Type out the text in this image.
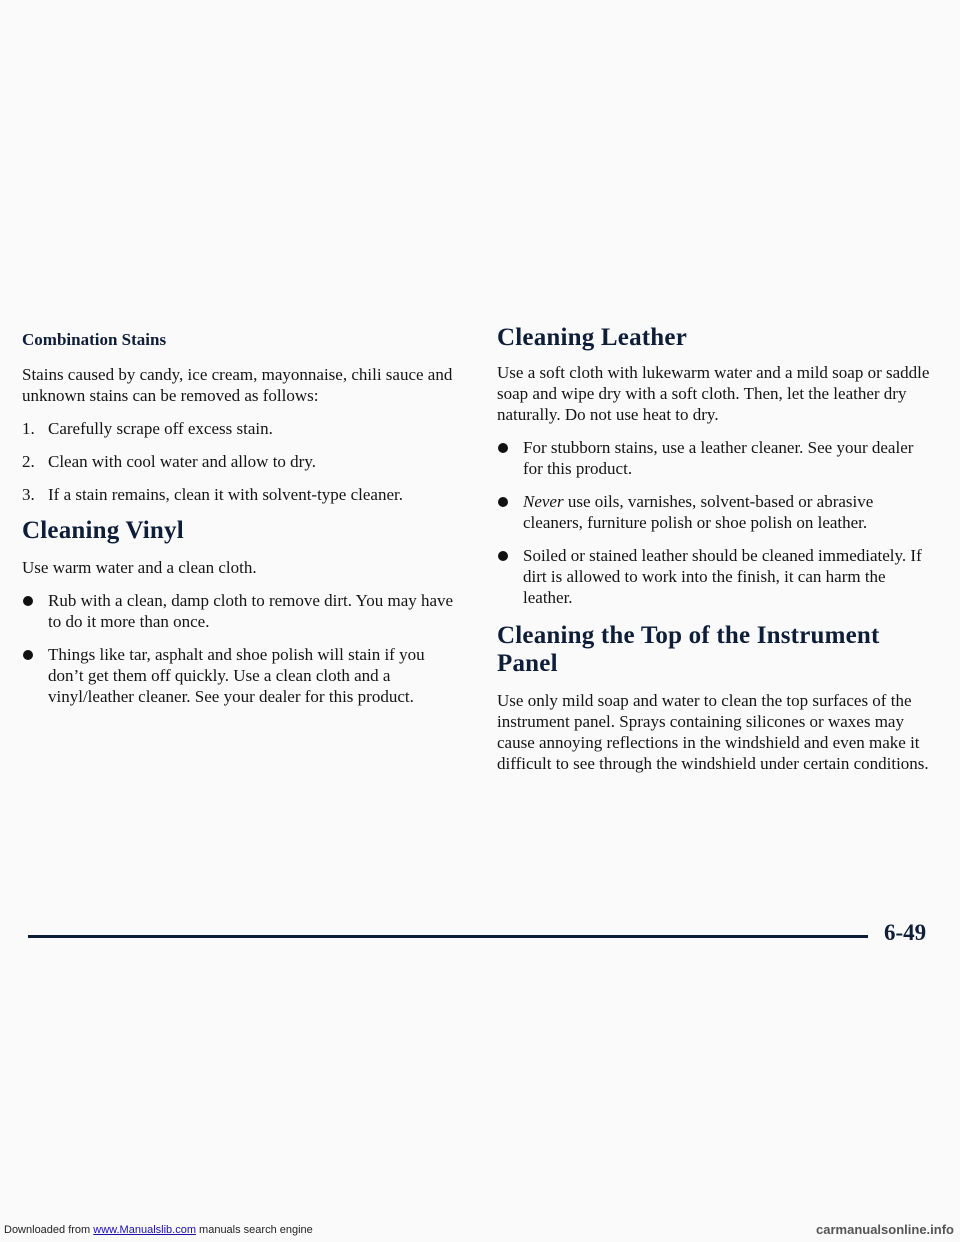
Combination Stains

Stains caused by candy, ice cream, mayonnaise, chili sauce and unknown stains can be removed as follows:

1. Carefully scrape off excess stain.
2. Clean with cool water and allow to dry.
3. If a stain remains, clean it with solvent-type cleaner.
Cleaning Vinyl

Use warm water and a clean cloth.

Rub with a clean, damp cloth to remove dirt. You may have to do it more than once.
Things like tar, asphalt and shoe polish will stain if you don’t get them off quickly. Use a clean cloth and a vinyl/leather cleaner. See your dealer for this product.
Cleaning Leather

Use a soft cloth with lukewarm water and a mild soap or saddle soap and wipe dry with a soft cloth. Then, let the leather dry naturally. Do not use heat to dry.

For stubborn stains, use a leather cleaner. See your dealer for this product.
Never use oils, varnishes, solvent-based or abrasive cleaners, furniture polish or shoe polish on leather.
Soiled or stained leather should be cleaned immediately. If dirt is allowed to work into the finish, it can harm the leather.
Cleaning the Top of the Instrument Panel

Use only mild soap and water to clean the top surfaces of the instrument panel. Sprays containing silicones or waxes may cause annoying reflections in the windshield and even make it difficult to see through the windshield under certain conditions.

6-49
Downloaded from www.Manualslib.com manuals search engine	carmanualsonline.info
